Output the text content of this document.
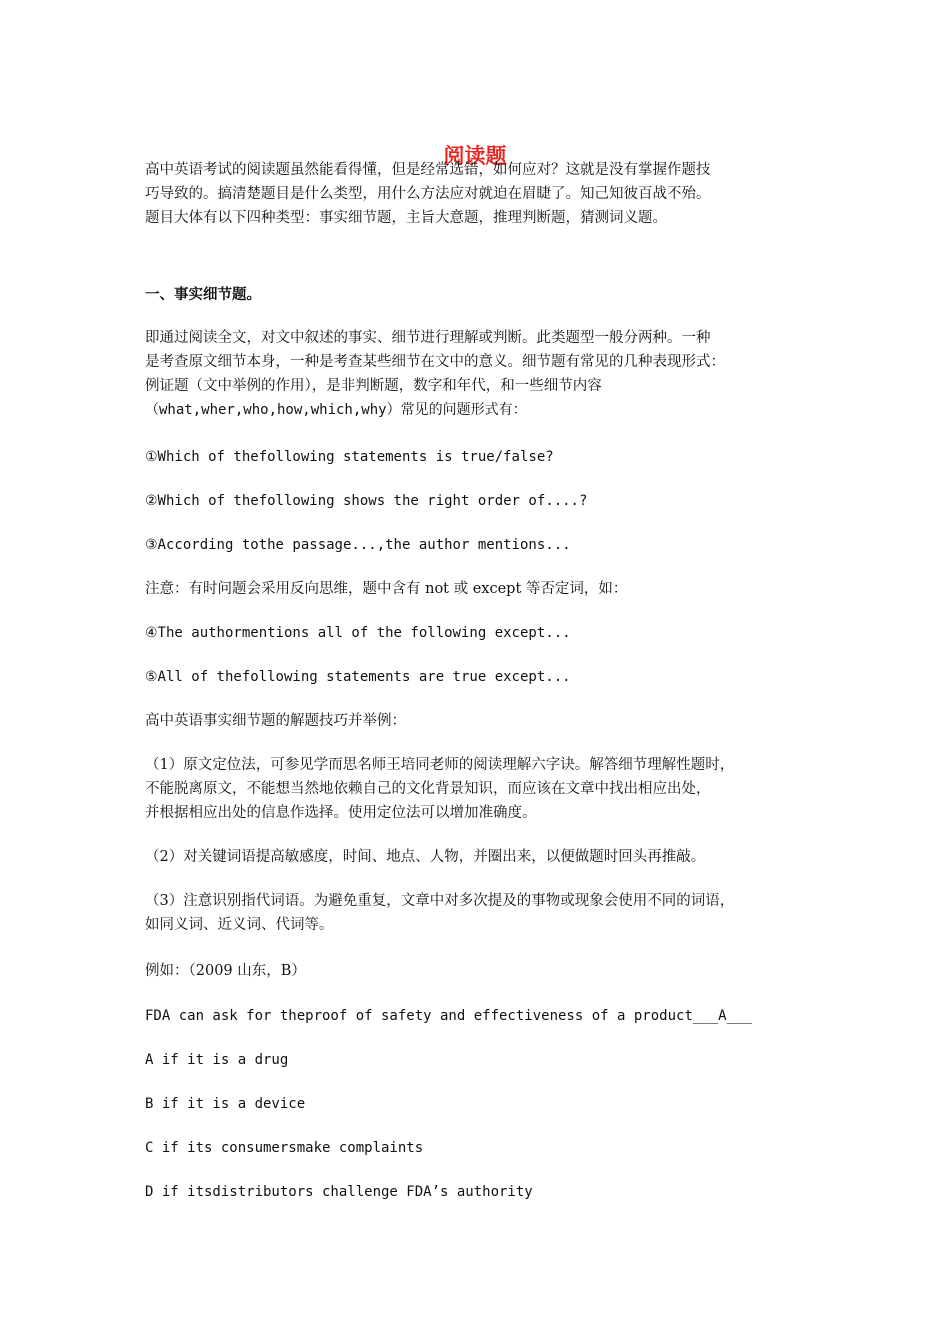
阅读题
高中英语考试的阅读题虽然能看得懂，但是经常选错，如何应对？这就是没有掌握作题技
巧导致的。搞清楚题目是什么类型，用什么方法应对就迫在眉睫了。知己知彼百战不殆。
题目大体有以下四种类型：事实细节题，主旨大意题，推理判断题，猜测词义题。
一、事实细节题。
即通过阅读全文，对文中叙述的事实、细节进行理解或判断。此类题型一般分两种。一种
是考查原文细节本身，一种是考查某些细节在文中的意义。细节题有常见的几种表现形式：
例证题（文中举例的作用），是非判断题，数字和年代，和一些细节内容
（what,wher,who,how,which,why）常见的问题形式有：
①Which of thefollowing statements is true/false?
②Which of thefollowing shows the right order of....?
③According tothe passage...,the author mentions...
注意：有时问题会采用反向思维，题中含有 not 或 except 等否定词，如：
④The authormentions all of the following except...
⑤All of thefollowing statements are true except...
高中英语事实细节题的解题技巧并举例：
（1）原文定位法，可参见学而思名师王培同老师的阅读理解六字诀。解答细节理解性题时，
不能脱离原文，不能想当然地依赖自己的文化背景知识，而应该在文章中找出相应出处，
并根据相应出处的信息作选择。使用定位法可以增加准确度。
（2）对关键词语提高敏感度，时间、地点、人物，并圈出来，以便做题时回头再推敲。
（3）注意识别指代词语。为避免重复，文章中对多次提及的事物或现象会使用不同的词语，
如同义词、近义词、代词等。
例如：（2009 山东，B）
FDA can ask for theproof of safety and effectiveness of a product___A___
A if it is a drug
B if it is a device
C if its consumersmake complaints
D if itsdistributors challenge FDA’s authority
